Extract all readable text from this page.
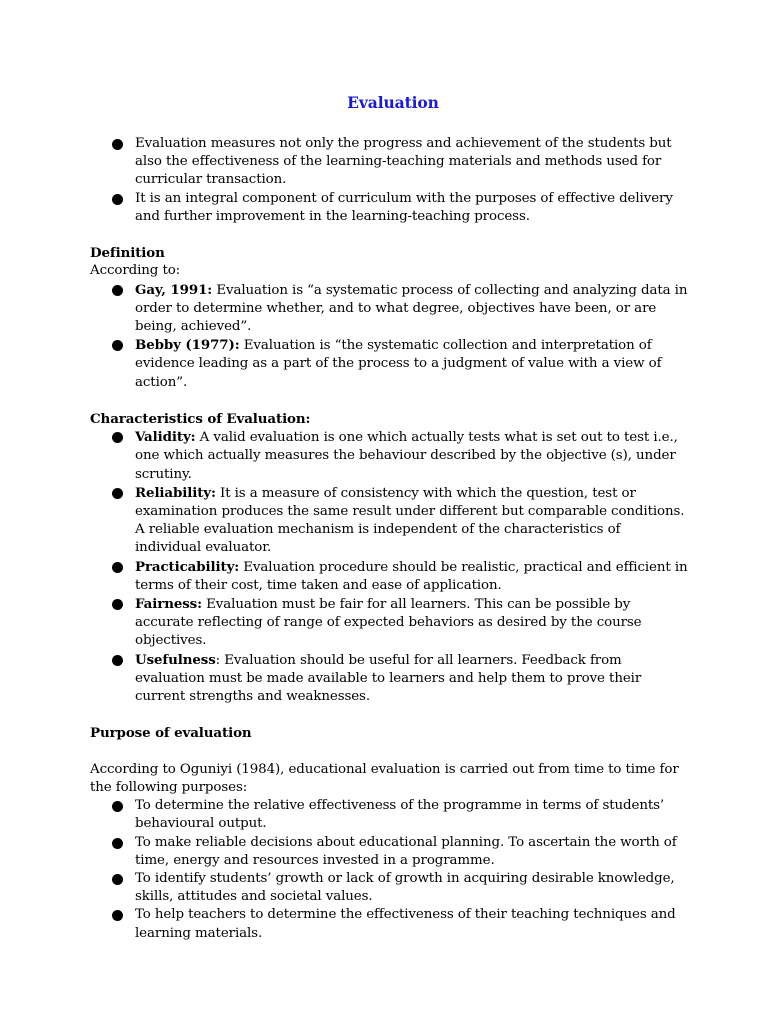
Evaluation
Evaluation measures not only the progress and achievement of the students but also the effectiveness of the learning-teaching materials and methods used for curricular transaction.
It is an integral component of curriculum with the purposes of effective delivery and further improvement in the learning-teaching process.

Definition

According to:

Gay, 1991: Evaluation is “a systematic process of collecting and analyzing data in order to determine whether, and to what degree, objectives have been, or are being, achieved”.
Bebby (1977): Evaluation is “the systematic collection and interpretation of evidence leading as a part of the process to a judgment of value with a view of action”.

Characteristics of Evaluation:

Validity: A valid evaluation is one which actually tests what is set out to test i.e., one which actually measures the behaviour described by the objective (s), under scrutiny.
Reliability: It is a measure of consistency with which the question, test or examination produces the same result under different but comparable conditions. A reliable evaluation mechanism is independent of the characteristics of individual evaluator.
Practicability: Evaluation procedure should be realistic, practical and efficient in terms of their cost, time taken and ease of application.
Fairness: Evaluation must be fair for all learners. This can be possible by accurate reflecting of range of expected behaviors as desired by the course objectives.
Usefulness: Evaluation should be useful for all learners. Feedback from evaluation must be made available to learners and help them to prove their current strengths and weaknesses.

Purpose of evaluation

According to Oguniyi (1984), educational evaluation is carried out from time to time for the following purposes:

To determine the relative effectiveness of the programme in terms of students’ behavioural output.
To make reliable decisions about educational planning. To ascertain the worth of time, energy and resources invested in a programme.
To identify students’ growth or lack of growth in acquiring desirable knowledge, skills, attitudes and societal values.
To help teachers to determine the effectiveness of their teaching techniques and learning materials.
